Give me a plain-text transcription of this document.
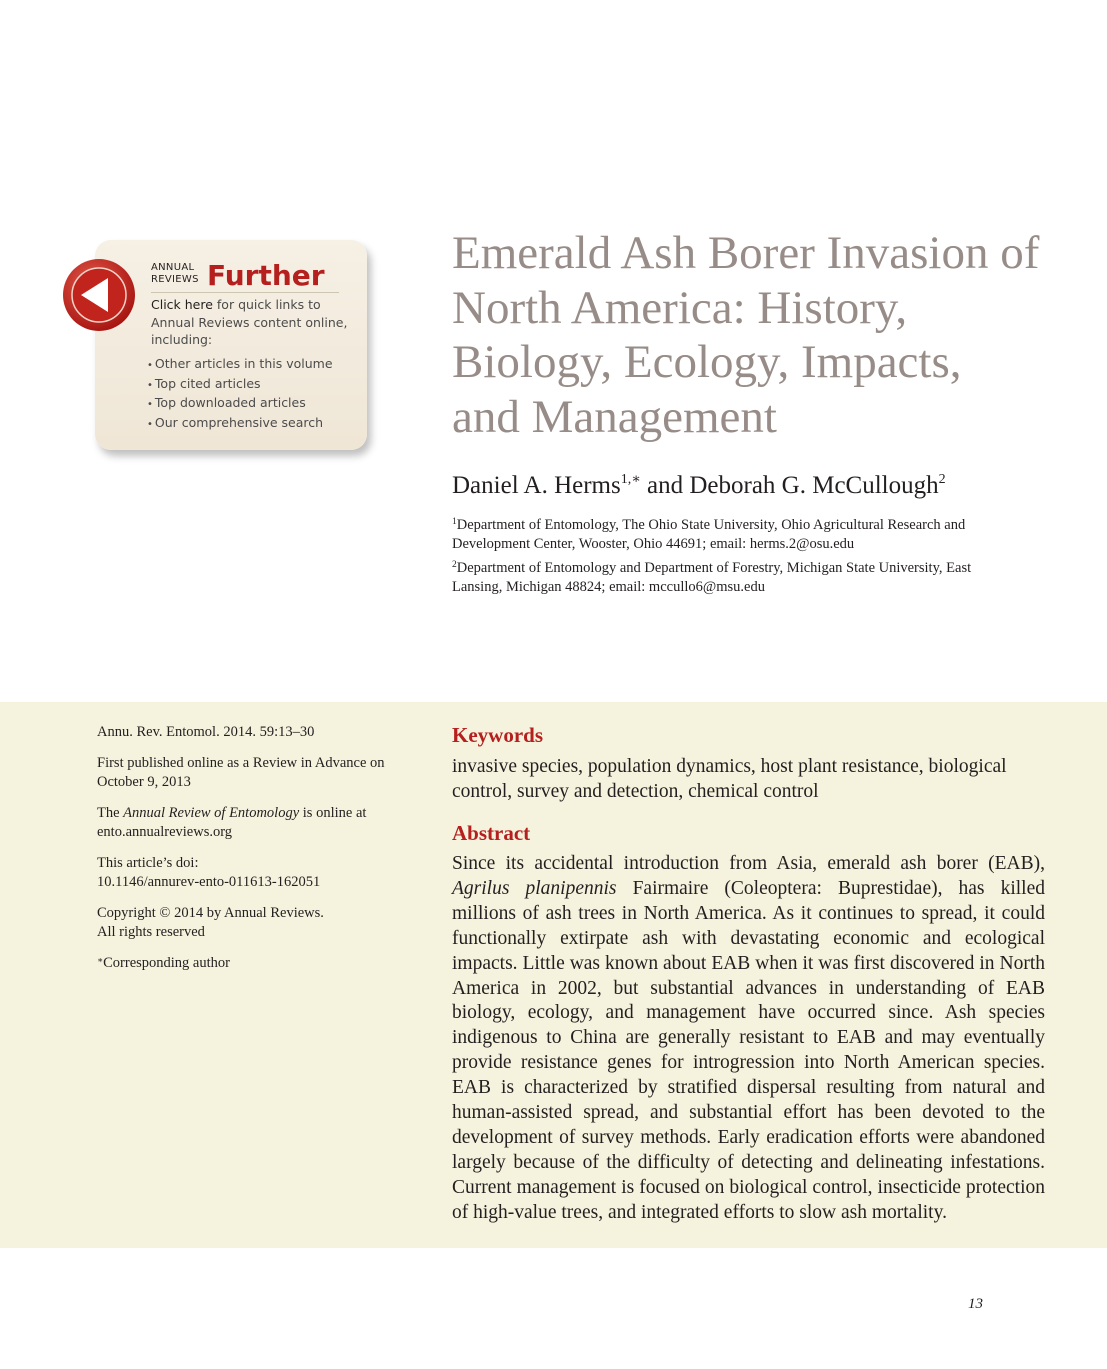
ANNUAL
REVIEWS Further
Click here for quick links to Annual Reviews content online, including:
• Other articles in this volume
• Top cited articles
• Top downloaded articles
• Our comprehensive search
Emerald Ash Borer Invasion of
North America: History,
Biology, Ecology, Impacts,
and Management
Daniel A. Herms$^{1,∗}$ and Deborah G. McCullough$^2$
$^1$Department of Entomology, The Ohio State University, Ohio Agricultural Research and Development Center, Wooster, Ohio 44691; email: herms.2@osu.edu
$^2$Department of Entomology and Department of Forestry, Michigan State University, East Lansing, Michigan 48824; email: mccullo6@msu.edu

Annu. Rev. Entomol. 2014. 59:13–30

First published online as a Review in Advance on October 9, 2013

The Annual Review of Entomology is online at ento.annualreviews.org

This article’s doi:
10.1146/annurev-ento-011613-162051

Copyright © 2014 by Annual Reviews.
All rights reserved

∗Corresponding author

Keywords

invasive species, population dynamics, host plant resistance, biological control, survey and detection, chemical control

Abstract

Since its accidental introduction from Asia, emerald ash borer (EAB), Agrilus planipennis Fairmaire (Coleoptera: Buprestidae), has killed millions of ash trees in North America. As it continues to spread, it could functionally extirpate ash with devastating economic and ecological impacts. Little was known about EAB when it was first discovered in North America in 2002, but substantial advances in understanding of EAB biology, ecology, and management have occurred since. Ash species indigenous to China are generally resistant to EAB and may eventually provide resistance genes for introgression into North American species. EAB is characterized by stratified dispersal resulting from natural and human-assisted spread, and substantial effort has been devoted to the development of survey methods. Early eradication efforts were abandoned largely because of the difficulty of detecting and delineating infestations. Current management is focused on biological control, insecticide protection of high-value trees, and integrated efforts to slow ash mortality.

13
